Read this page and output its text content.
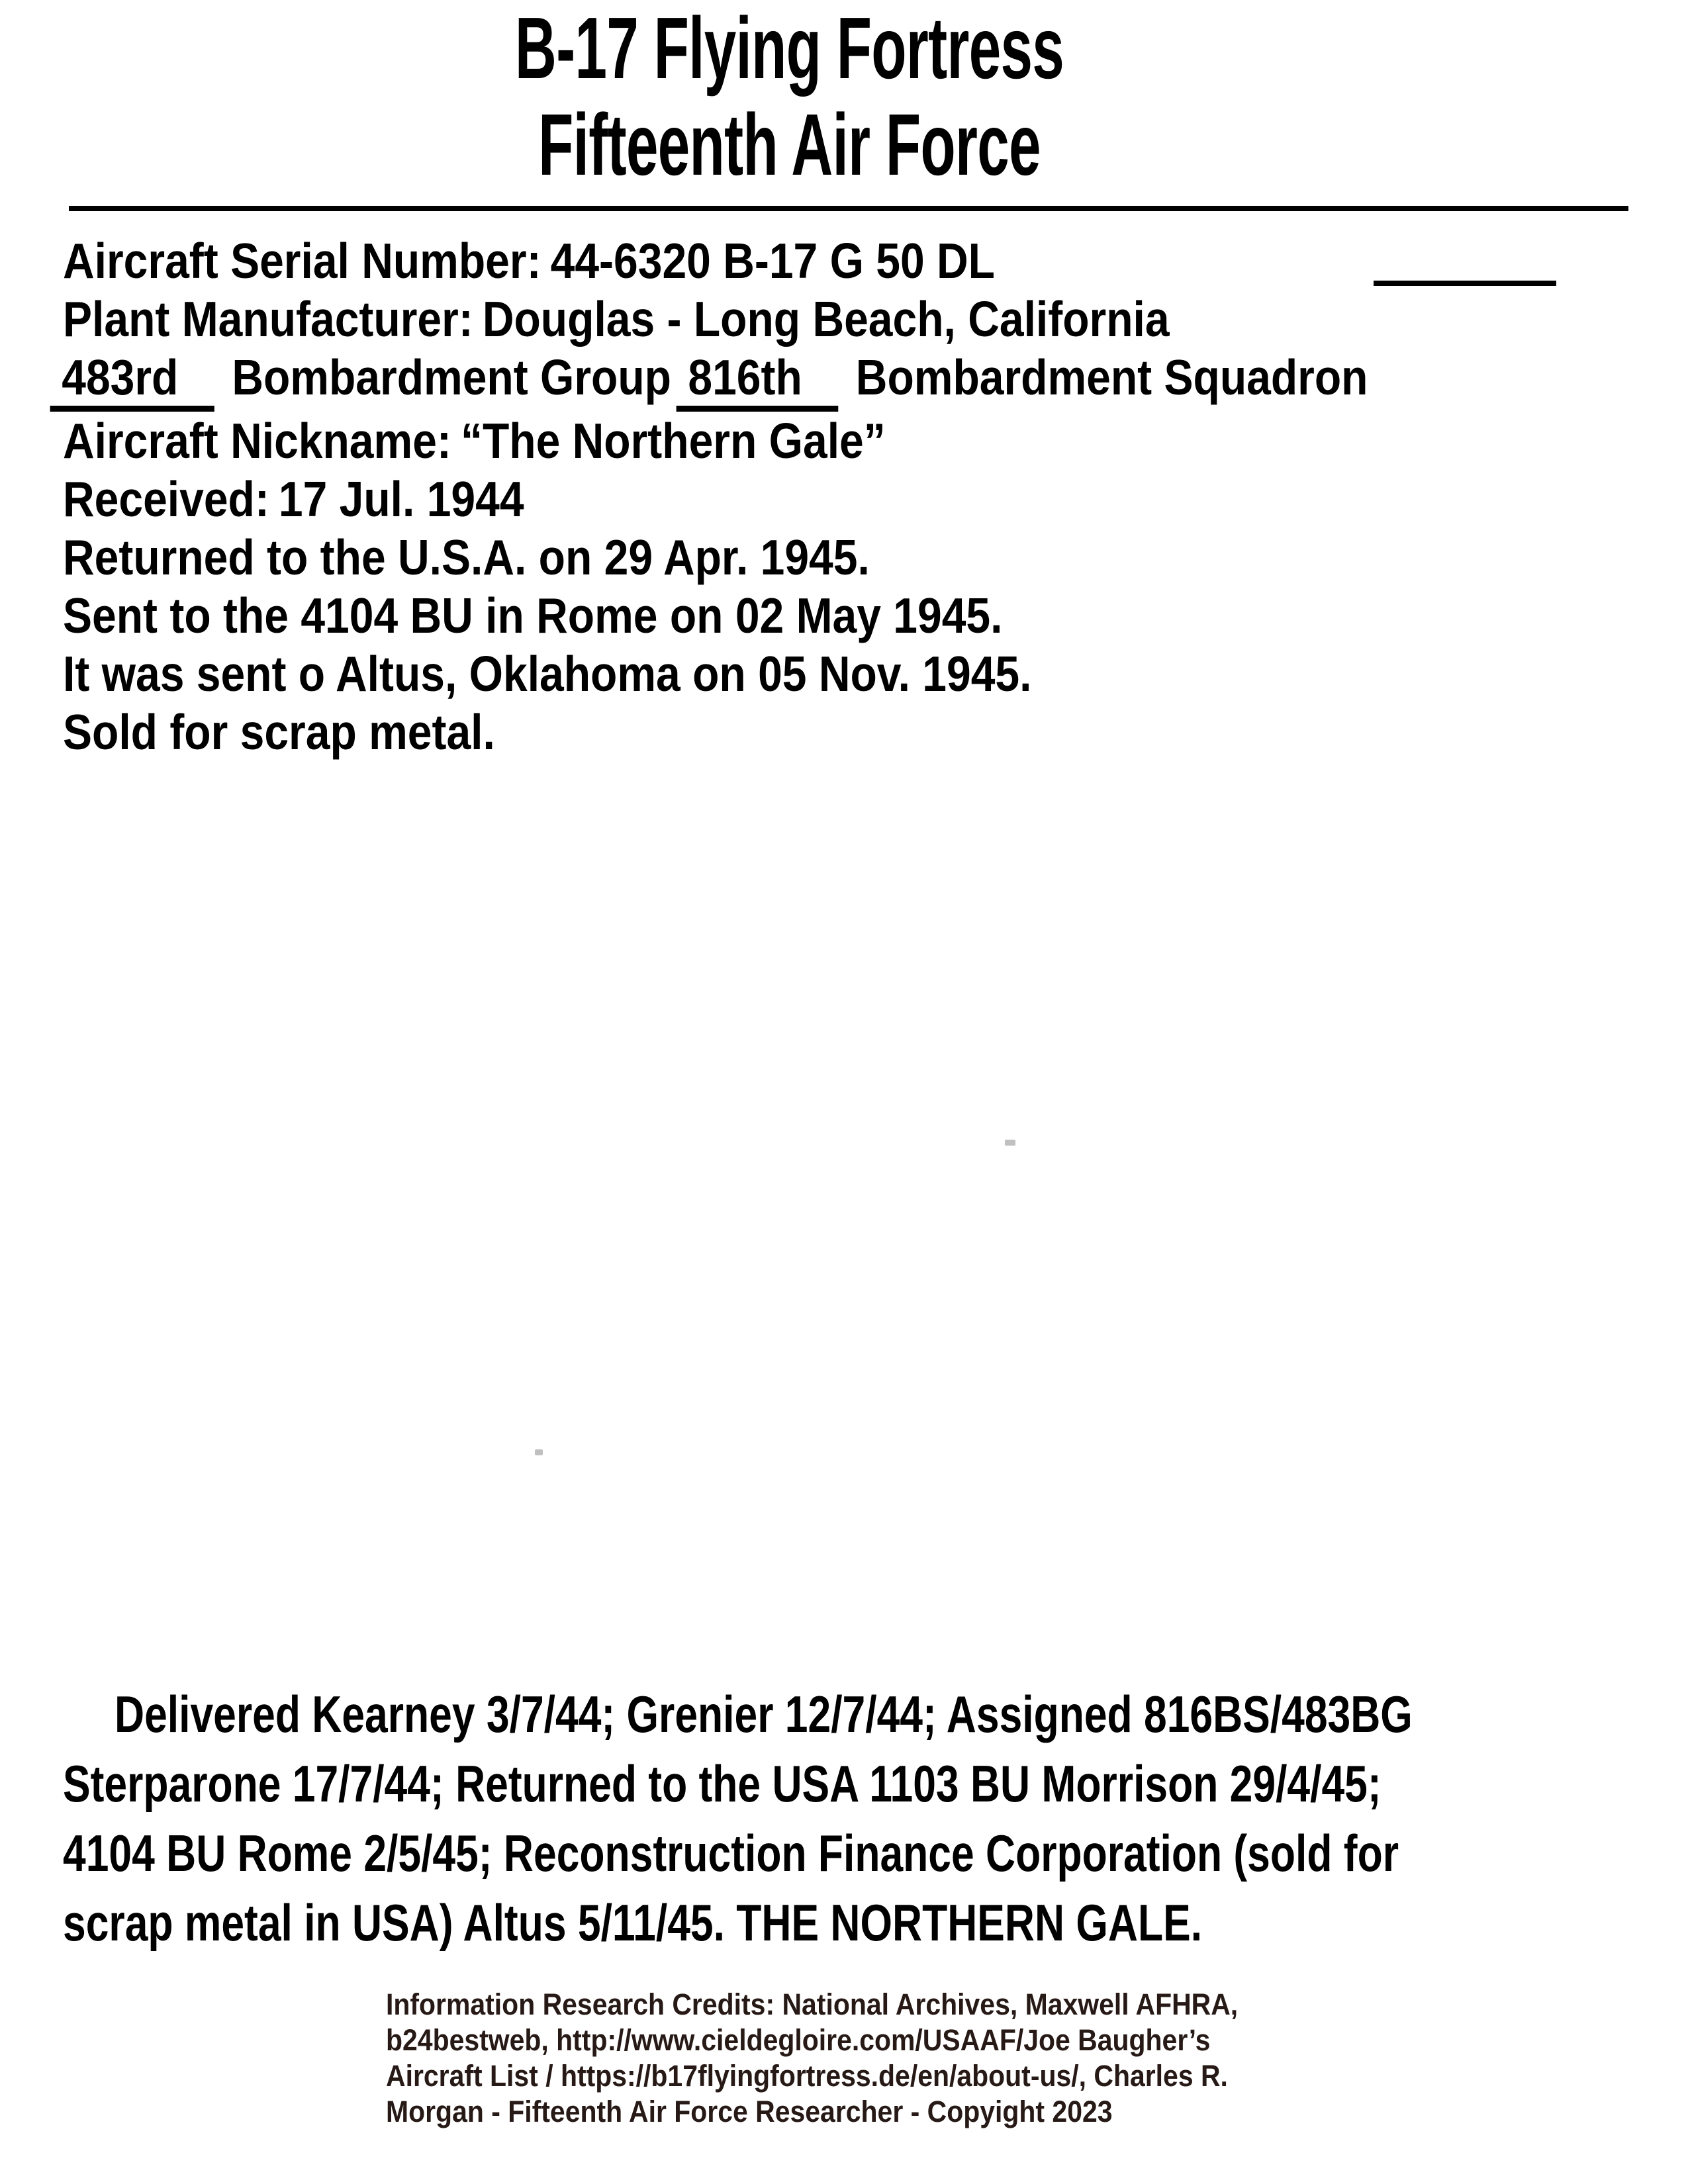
B-17 Flying Fortress
Fifteenth Air Force
Aircraft Serial Number: 44-6320 B-17 G 50 DL
Plant Manufacturer: Douglas - Long Beach, California
483rd Bombardment Group 816th Bombardment Squadron
Aircraft Nickname: “The Northern Gale”
Received: 17 Jul. 1944
Returned to the U.S.A. on 29 Apr. 1945.
Sent to the 4104 BU in Rome on 02 May 1945.
It was sent o Altus, Oklahoma on 05 Nov. 1945.
Sold for scrap metal.
Delivered Kearney 3/7/44; Grenier 12/7/44; Assigned 816BS/483BG
Sterparone 17/7/44; Returned to the USA 1103 BU Morrison 29/4/45;
4104 BU Rome 2/5/45; Reconstruction Finance Corporation (sold for
scrap metal in USA) Altus 5/11/45. THE NORTHERN GALE.
Information Research Credits: National Archives, Maxwell AFHRA,
b24bestweb, http://www.cieldegloire.com/USAAF/Joe Baugher’s
Aircraft List / https://b17flyingfortress.de/en/about-us/, Charles R.
Morgan - Fifteenth Air Force Researcher - Copyight 2023
